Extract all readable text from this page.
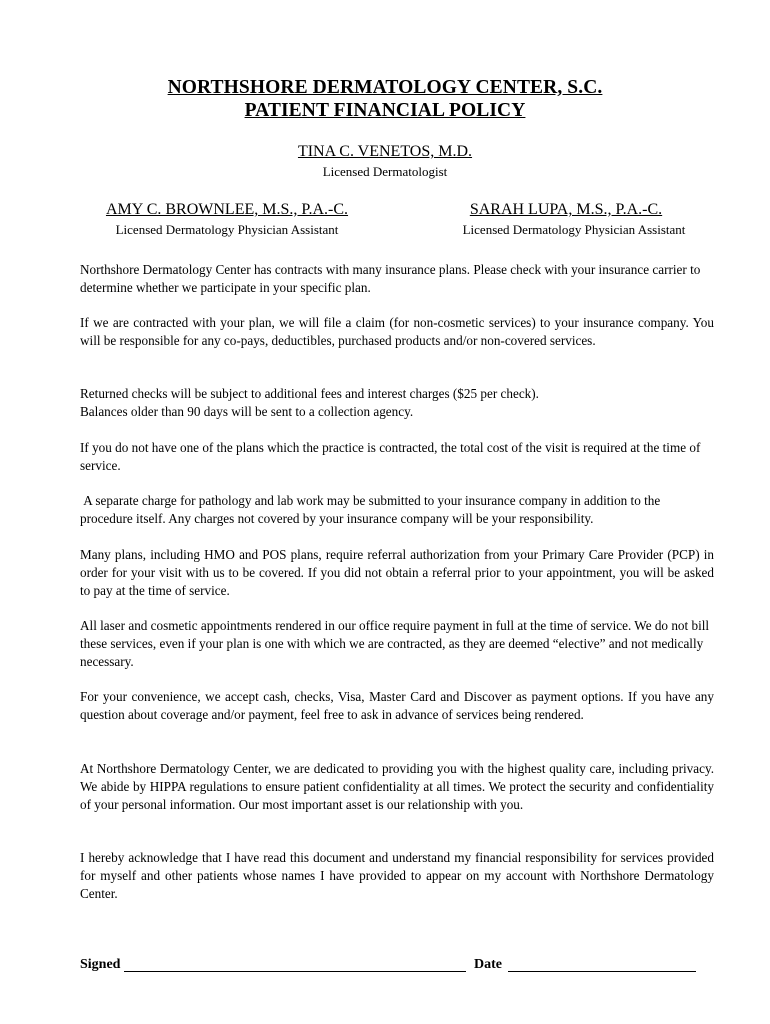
NORTHSHORE DERMATOLOGY CENTER, S.C.
PATIENT FINANCIAL POLICY
TINA C. VENETOS, M.D.
Licensed Dermatologist
AMY C. BROWNLEE, M.S., P.A.-C.
Licensed Dermatology Physician Assistant
SARAH LUPA, M.S., P.A.-C.
Licensed Dermatology Physician Assistant
Northshore Dermatology Center has contracts with many insurance plans. Please check with your insurance carrier to determine whether we participate in your specific plan.
If we are contracted with your plan, we will file a claim (for non-cosmetic services) to your insurance company. You will be responsible for any co-pays, deductibles, purchased products and/or non-covered services.
Returned checks will be subject to additional fees and interest charges ($25 per check).
Balances older than 90 days will be sent to a collection agency.
If you do not have one of the plans which the practice is contracted, the total cost of the visit is required at the time of service.
A separate charge for pathology and lab work may be submitted to your insurance company in addition to the procedure itself. Any charges not covered by your insurance company will be your responsibility.
Many plans, including HMO and POS plans, require referral authorization from your Primary Care Provider (PCP) in order for your visit with us to be covered. If you did not obtain a referral prior to your appointment, you will be asked to pay at the time of service.
All laser and cosmetic appointments rendered in our office require payment in full at the time of service. We do not bill these services, even if your plan is one with which we are contracted, as they are deemed “elective” and not medically necessary.
For your convenience, we accept cash, checks, Visa, Master Card and Discover as payment options. If you have any question about coverage and/or payment, feel free to ask in advance of services being rendered.
At Northshore Dermatology Center, we are dedicated to providing you with the highest quality care, including privacy. We abide by HIPPA regulations to ensure patient confidentiality at all times. We protect the security and confidentiality of your personal information. Our most important asset is our relationship with you.
I hereby acknowledge that I have read this document and understand my financial responsibility for services provided for myself and other patients whose names I have provided to appear on my account with Northshore Dermatology Center.
Signed	Date
